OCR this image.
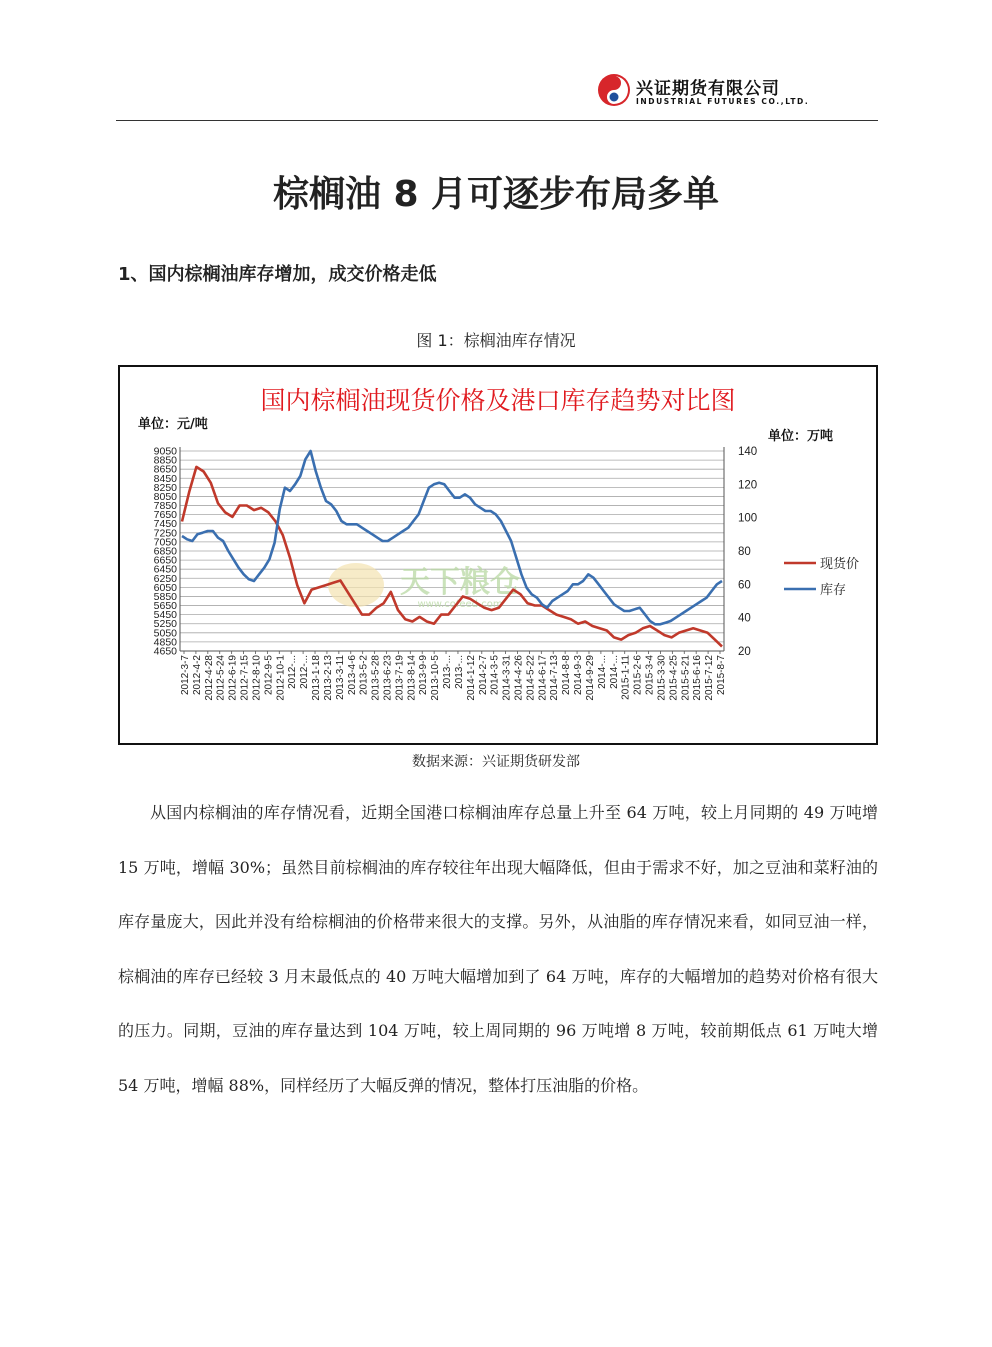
兴证期货有限公司
INDUSTRIAL FUTURES CO.,LTD.
棕榈油 8 月可逐步布局多单
1、国内棕榈油库存增加，成交价格走低
图 1：棕榈油库存情况
天下粮仓
www.cofeed.com
国内棕榈油现货价格及港口库存趋势对比图
单位：元/吨
单位：万吨
9050
8850
8650
8450
8250
8050
7850
7650
7450
7250
7050
6850
6650
6450
6250
6050
5850
5650
5450
5250
5050
4850
4650
140
120
100
80
60
40
20
2012-3-7 2012-4-2 2012-4-28 2012-5-24 2012-6-19 2012-7-15 2012-8-10 2012-9-5 2012-10-1 2012-... 2012-... 2013-1-18 2013-2-13 2013-3-11 2013-4-6 2013-5-2 2013-5-28 2013-6-23 2013-7-19 2013-8-14 2013-9-9 2013-10-5 2013-... 2013-... 2014-1-12 2014-2-7 2014-3-5 2014-3-31 2014-4-26 2014-5-22 2014-6-17 2014-7-13 2014-8-8 2014-9-3 2014-9-29 2014-... 2014-... 2015-1-11 2015-2-6 2015-3-4 2015-3-30 2015-4-25 2015-5-21 2015-6-16 2015-7-12 2015-8-7
现货价
库存
数据来源：兴证期货研发部

从国内棕榈油的库存情况看，近期全国港口棕榈油库存总量上升至 64 万吨，较上月同期的 49 万吨增 15 万吨，增幅 30%；虽然目前棕榈油的库存较往年出现大幅降低，但由于需求不好，加之豆油和菜籽油的库存量庞大，因此并没有给棕榈油的价格带来很大的支撑。另外，从油脂的库存情况来看，如同豆油一样，棕榈油的库存已经较 3 月末最低点的 40 万吨大幅增加到了 64 万吨，库存的大幅增加的趋势对价格有很大的压力。同期，豆油的库存量达到 104 万吨，较上周同期的 96 万吨增 8 万吨，较前期低点 61 万吨大增 54 万吨，增幅 88%，同样经历了大幅反弹的情况，整体打压油脂的价格。
